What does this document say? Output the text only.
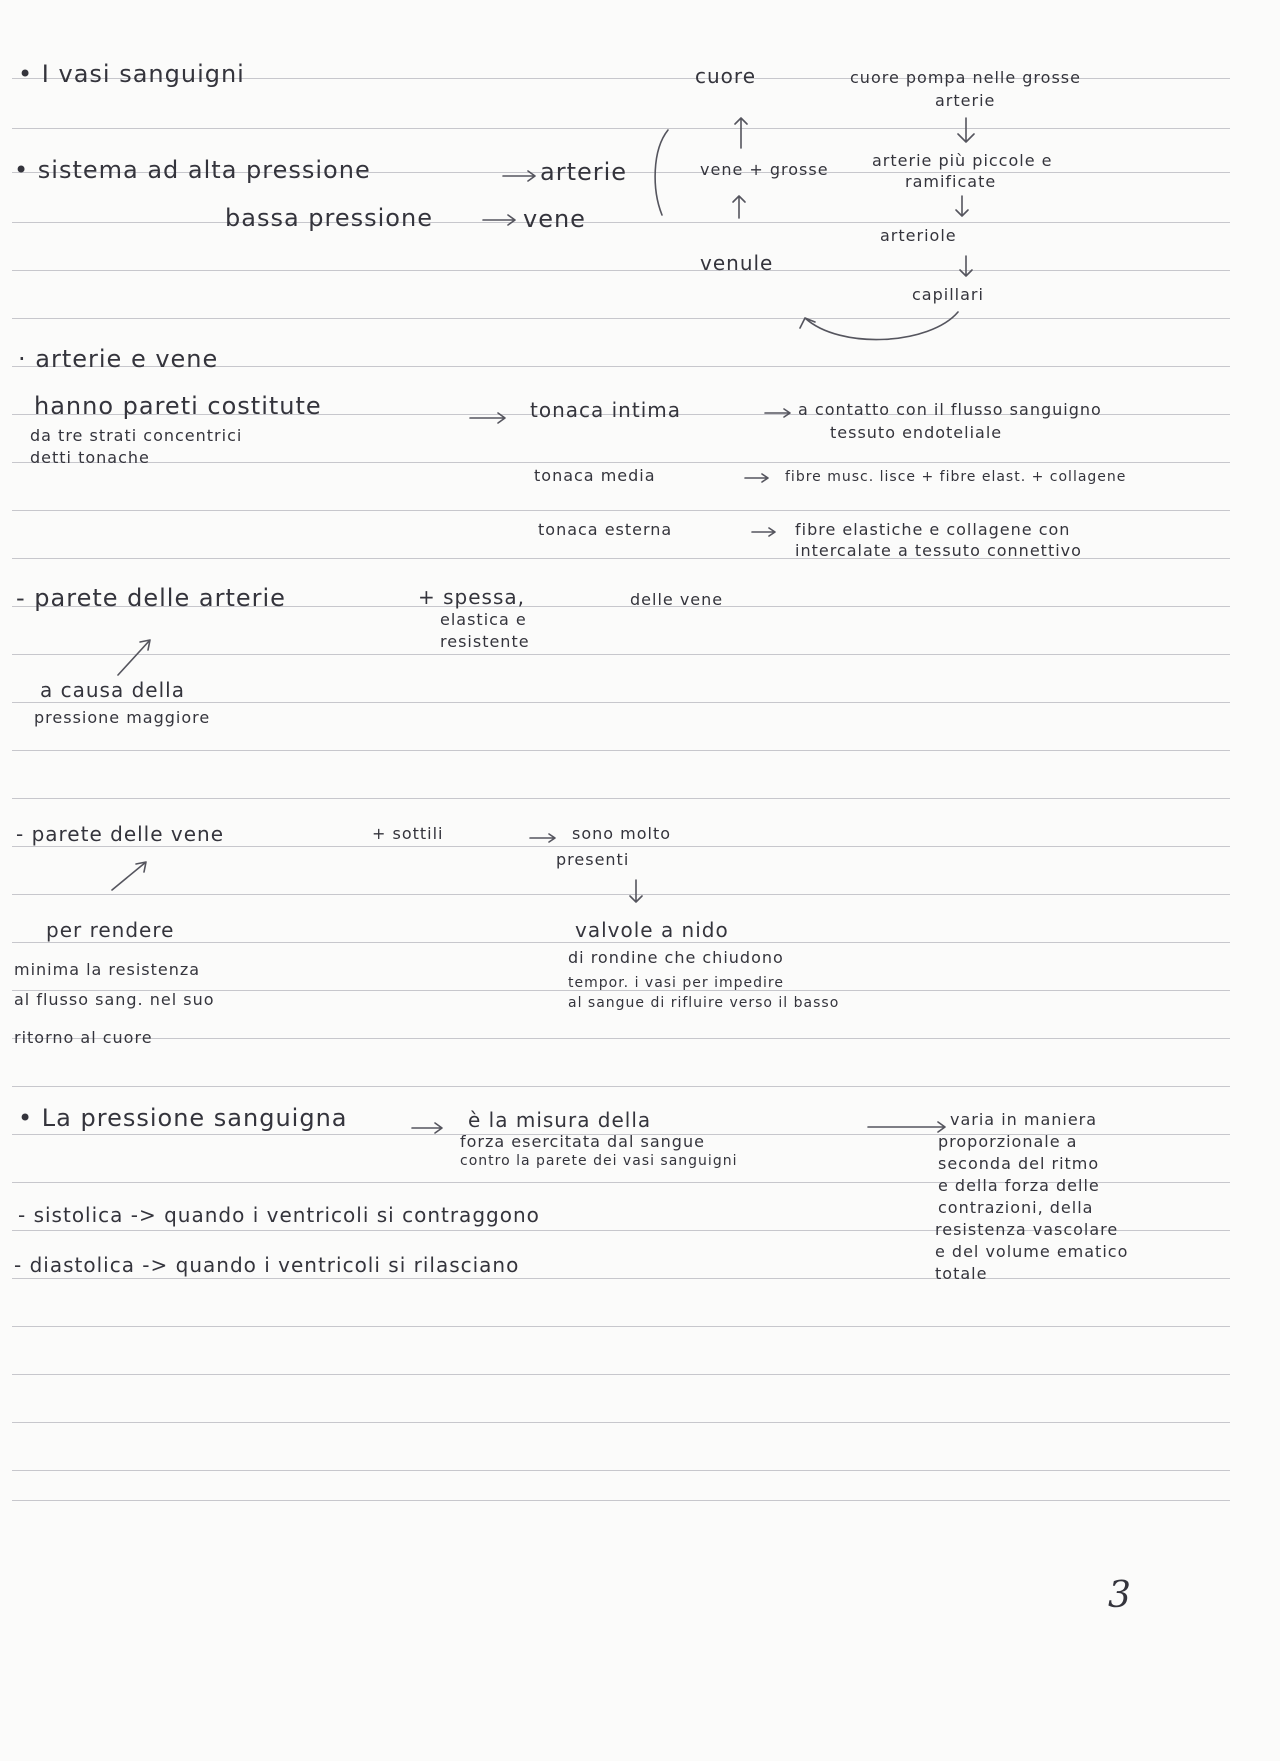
• I vasi sanguigni
• sistema ad alta pressione	arterie
bassa pressione	vene
cuore
vene + grosse
venule
cuore pompa nelle grosse
arterie
arterie più piccole e
ramificate
arteriole
capillari
· arterie e vene
hanno pareti costitute
da tre strati concentrici
detti tonache
tonaca intima	a contatto con il flusso sanguigno
tessuto endoteliale
tonaca media	fibre musc. lisce + fibre elast. + collagene
tonaca esterna	fibre elastiche e collagene con
intercalate a tessuto connettivo
- parete delle arterie	+ spessa,
elastica e
resistente
delle vene
a causa della
pressione maggiore
- parete delle vene	+ sottili	sono molto
presenti
valvole a nido
di rondine che chiudono
tempor. i vasi per impedire
al sangue di rifluire verso il basso
per rendere
minima la resistenza
al flusso sang. nel suo
ritorno al cuore
• La pressione sanguigna	è la misura della
forza esercitata dal sangue
contro la parete dei vasi sanguigni
varia in maniera
proporzionale a
seconda del ritmo
e della forza delle
contrazioni, della
resistenza vascolare
e del volume ematico
totale
- sistolica -> quando i ventricoli si contraggono
- diastolica -> quando i ventricoli si rilasciano
3
